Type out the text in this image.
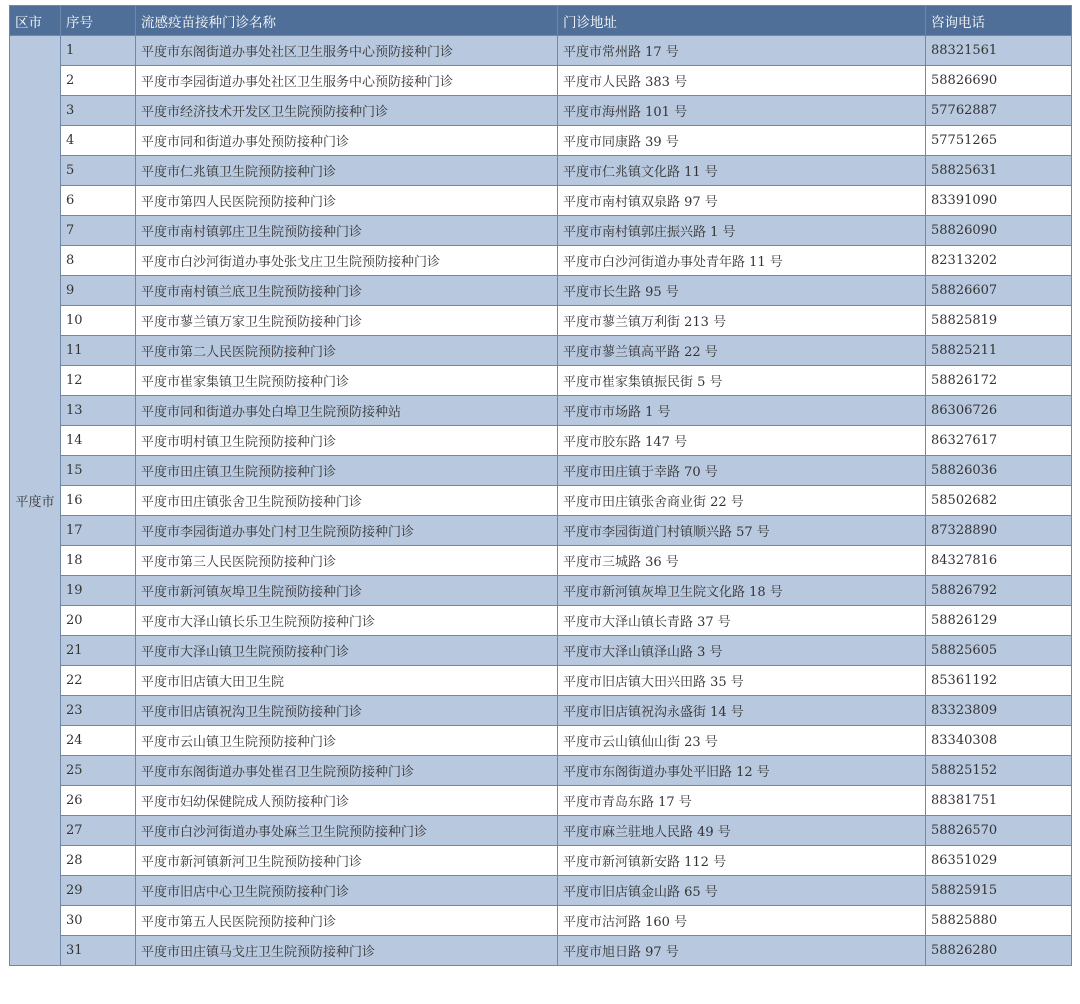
区市	序号	流感疫苗接种门诊名称	门诊地址	咨询电话
平度市	1	平度市东阁街道办事处社区卫生服务中心预防接种门诊	平度市常州路 17 号	88321561
	2	平度市李园街道办事处社区卫生服务中心预防接种门诊	平度市人民路 383 号	58826690
	3	平度市经济技术开发区卫生院预防接种门诊	平度市海州路 101 号	57762887
	4	平度市同和街道办事处预防接种门诊	平度市同康路 39 号	57751265
	5	平度市仁兆镇卫生院预防接种门诊	平度市仁兆镇文化路 11 号	58825631
	6	平度市第四人民医院预防接种门诊	平度市南村镇双泉路 97 号	83391090
	7	平度市南村镇郭庄卫生院预防接种门诊	平度市南村镇郭庄振兴路 1 号	58826090
	8	平度市白沙河街道办事处张戈庄卫生院预防接种门诊	平度市白沙河街道办事处青年路 11 号	82313202
	9	平度市南村镇兰底卫生院预防接种门诊	平度市长生路 95 号	58826607
	10	平度市蓼兰镇万家卫生院预防接种门诊	平度市蓼兰镇万利街 213 号	58825819
	11	平度市第二人民医院预防接种门诊	平度市蓼兰镇高平路 22 号	58825211
	12	平度市崔家集镇卫生院预防接种门诊	平度市崔家集镇振民街 5 号	58826172
	13	平度市同和街道办事处白埠卫生院预防接种站	平度市市场路 1 号	86306726
	14	平度市明村镇卫生院预防接种门诊	平度市胶东路 147 号	86327617
	15	平度市田庄镇卫生院预防接种门诊	平度市田庄镇于幸路 70 号	58826036
	16	平度市田庄镇张舍卫生院预防接种门诊	平度市田庄镇张舍商业街 22 号	58502682
	17	平度市李园街道办事处门村卫生院预防接种门诊	平度市李园街道门村镇顺兴路 57 号	87328890
	18	平度市第三人民医院预防接种门诊	平度市三城路 36 号	84327816
	19	平度市新河镇灰埠卫生院预防接种门诊	平度市新河镇灰埠卫生院文化路 18 号	58826792
	20	平度市大泽山镇长乐卫生院预防接种门诊	平度市大泽山镇长青路 37 号	58826129
	21	平度市大泽山镇卫生院预防接种门诊	平度市大泽山镇泽山路 3 号	58825605
	22	平度市旧店镇大田卫生院	平度市旧店镇大田兴田路 35 号	85361192
	23	平度市旧店镇祝沟卫生院预防接种门诊	平度市旧店镇祝沟永盛街 14 号	83323809
	24	平度市云山镇卫生院预防接种门诊	平度市云山镇仙山街 23 号	83340308
	25	平度市东阁街道办事处崔召卫生院预防接种门诊	平度市东阁街道办事处平旧路 12 号	58825152
	26	平度市妇幼保健院成人预防接种门诊	平度市青岛东路 17 号	88381751
	27	平度市白沙河街道办事处麻兰卫生院预防接种门诊	平度市麻兰驻地人民路 49 号	58826570
	28	平度市新河镇新河卫生院预防接种门诊	平度市新河镇新安路 112 号	86351029
	29	平度市旧店中心卫生院预防接种门诊	平度市旧店镇金山路 65 号	58825915
	30	平度市第五人民医院预防接种门诊	平度市沽河路 160 号	58825880
	31	平度市田庄镇马戈庄卫生院预防接种门诊	平度市旭日路 97 号	58826280
